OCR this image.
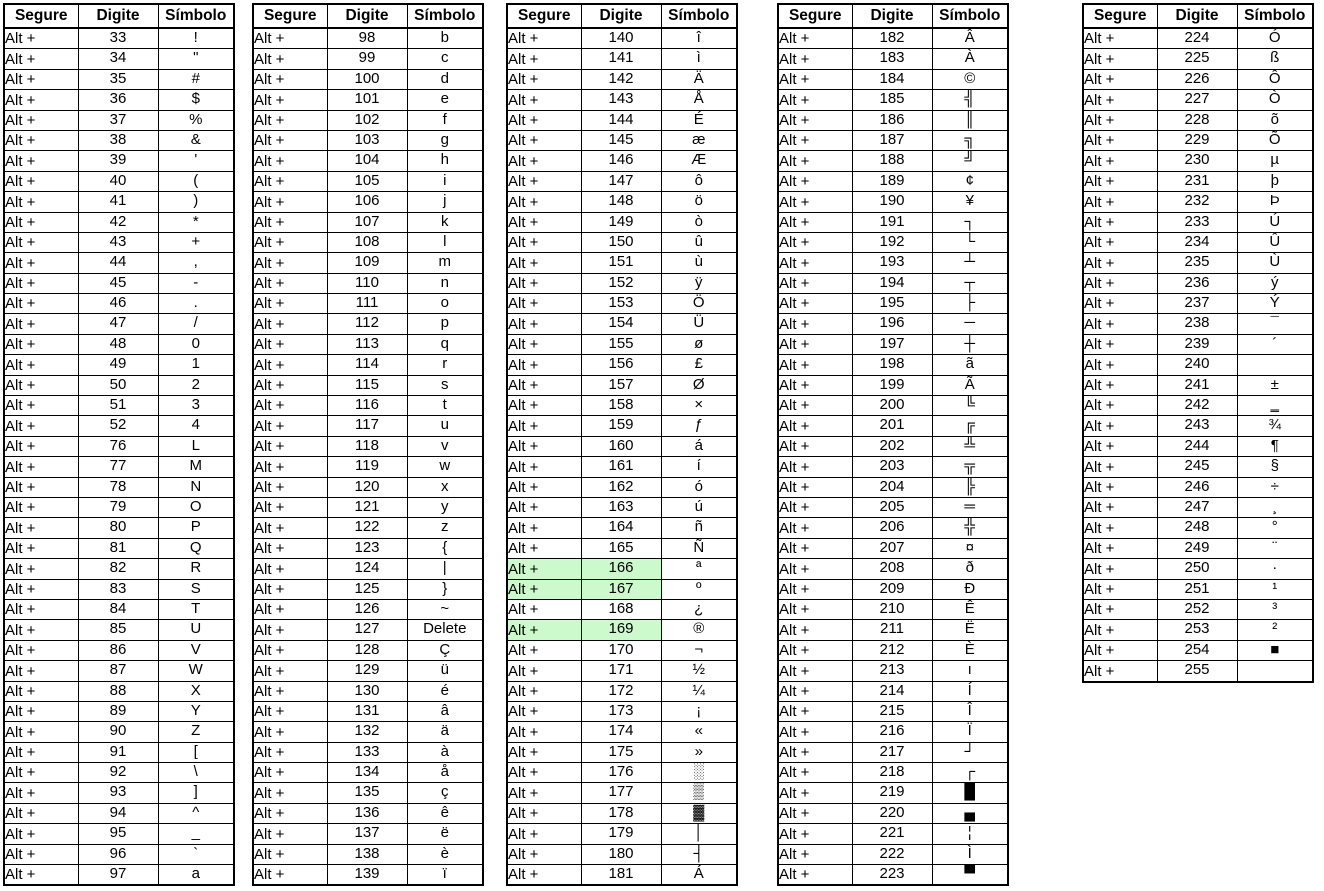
Segure	Digite	Símbolo
Alt +	33	!
Alt +	34	"
Alt +	35	#
Alt +	36	$
Alt +	37	%
Alt +	38	&
Alt +	39	'
Alt +	40	(
Alt +	41	)
Alt +	42	*
Alt +	43	+
Alt +	44	,
Alt +	45	-
Alt +	46	.
Alt +	47	/
Alt +	48	0
Alt +	49	1
Alt +	50	2
Alt +	51	3
Alt +	52	4
Alt +	76	L
Alt +	77	M
Alt +	78	N
Alt +	79	O
Alt +	80	P
Alt +	81	Q
Alt +	82	R
Alt +	83	S
Alt +	84	T
Alt +	85	U
Alt +	86	V
Alt +	87	W
Alt +	88	X
Alt +	89	Y
Alt +	90	Z
Alt +	91	[
Alt +	92	\
Alt +	93	]
Alt +	94	^
Alt +	95	_
Alt +	96	`
Alt +	97	a
Segure	Digite	Símbolo
Alt +	98	b
Alt +	99	c
Alt +	100	d
Alt +	101	e
Alt +	102	f
Alt +	103	g
Alt +	104	h
Alt +	105	i
Alt +	106	j
Alt +	107	k
Alt +	108	l
Alt +	109	m
Alt +	110	n
Alt +	111	o
Alt +	112	p
Alt +	113	q
Alt +	114	r
Alt +	115	s
Alt +	116	t
Alt +	117	u
Alt +	118	v
Alt +	119	w
Alt +	120	x
Alt +	121	y
Alt +	122	z
Alt +	123	{
Alt +	124	|
Alt +	125	}
Alt +	126	~
Alt +	127	Delete
Alt +	128	Ç
Alt +	129	ü
Alt +	130	é
Alt +	131	â
Alt +	132	ä
Alt +	133	à
Alt +	134	å
Alt +	135	ç
Alt +	136	ê
Alt +	137	ë
Alt +	138	è
Alt +	139	ï
Segure	Digite	Símbolo
Alt +	140	î
Alt +	141	ì
Alt +	142	Ä
Alt +	143	Å
Alt +	144	É
Alt +	145	æ
Alt +	146	Æ
Alt +	147	ô
Alt +	148	ö
Alt +	149	ò
Alt +	150	û
Alt +	151	ù
Alt +	152	ÿ
Alt +	153	Ö
Alt +	154	Ü
Alt +	155	ø
Alt +	156	£
Alt +	157	Ø
Alt +	158	×
Alt +	159	ƒ
Alt +	160	á
Alt +	161	í
Alt +	162	ó
Alt +	163	ú
Alt +	164	ñ
Alt +	165	Ñ
Alt +	166	ª
Alt +	167	º
Alt +	168	¿
Alt +	169	®
Alt +	170	¬
Alt +	171	½
Alt +	172	¼
Alt +	173	¡
Alt +	174	«
Alt +	175	»
Alt +	176	░
Alt +	177	▒
Alt +	178	▓
Alt +	179	│
Alt +	180	┤
Alt +	181	Á
Segure	Digite	Símbolo
Alt +	182	Â
Alt +	183	À
Alt +	184	©
Alt +	185	╣
Alt +	186	║
Alt +	187	╗
Alt +	188	╝
Alt +	189	¢
Alt +	190	¥
Alt +	191	┐
Alt +	192	└
Alt +	193	┴
Alt +	194	┬
Alt +	195	├
Alt +	196	─
Alt +	197	┼
Alt +	198	ã
Alt +	199	Ã
Alt +	200	╚
Alt +	201	╔
Alt +	202	╩
Alt +	203	╦
Alt +	204	╠
Alt +	205	═
Alt +	206	╬
Alt +	207	¤
Alt +	208	ð
Alt +	209	Ð
Alt +	210	Ê
Alt +	211	Ë
Alt +	212	È
Alt +	213	ı
Alt +	214	Í
Alt +	215	Î
Alt +	216	Ï
Alt +	217	┘
Alt +	218	┌
Alt +	219	█
Alt +	220	▄
Alt +	221	¦
Alt +	222	Ì
Alt +	223	▀
Segure	Digite	Símbolo
Alt +	224	Ó
Alt +	225	ß
Alt +	226	Ô
Alt +	227	Ò
Alt +	228	õ
Alt +	229	Õ
Alt +	230	µ
Alt +	231	þ
Alt +	232	Þ
Alt +	233	Ú
Alt +	234	Û
Alt +	235	Ù
Alt +	236	ý
Alt +	237	Ý
Alt +	238	¯
Alt +	239	´
Alt +	240	
Alt +	241	±
Alt +	242	‗
Alt +	243	¾
Alt +	244	¶
Alt +	245	§
Alt +	246	÷
Alt +	247	¸
Alt +	248	°
Alt +	249	¨
Alt +	250	·
Alt +	251	¹
Alt +	252	³
Alt +	253	²
Alt +	254	■
Alt +	255	
